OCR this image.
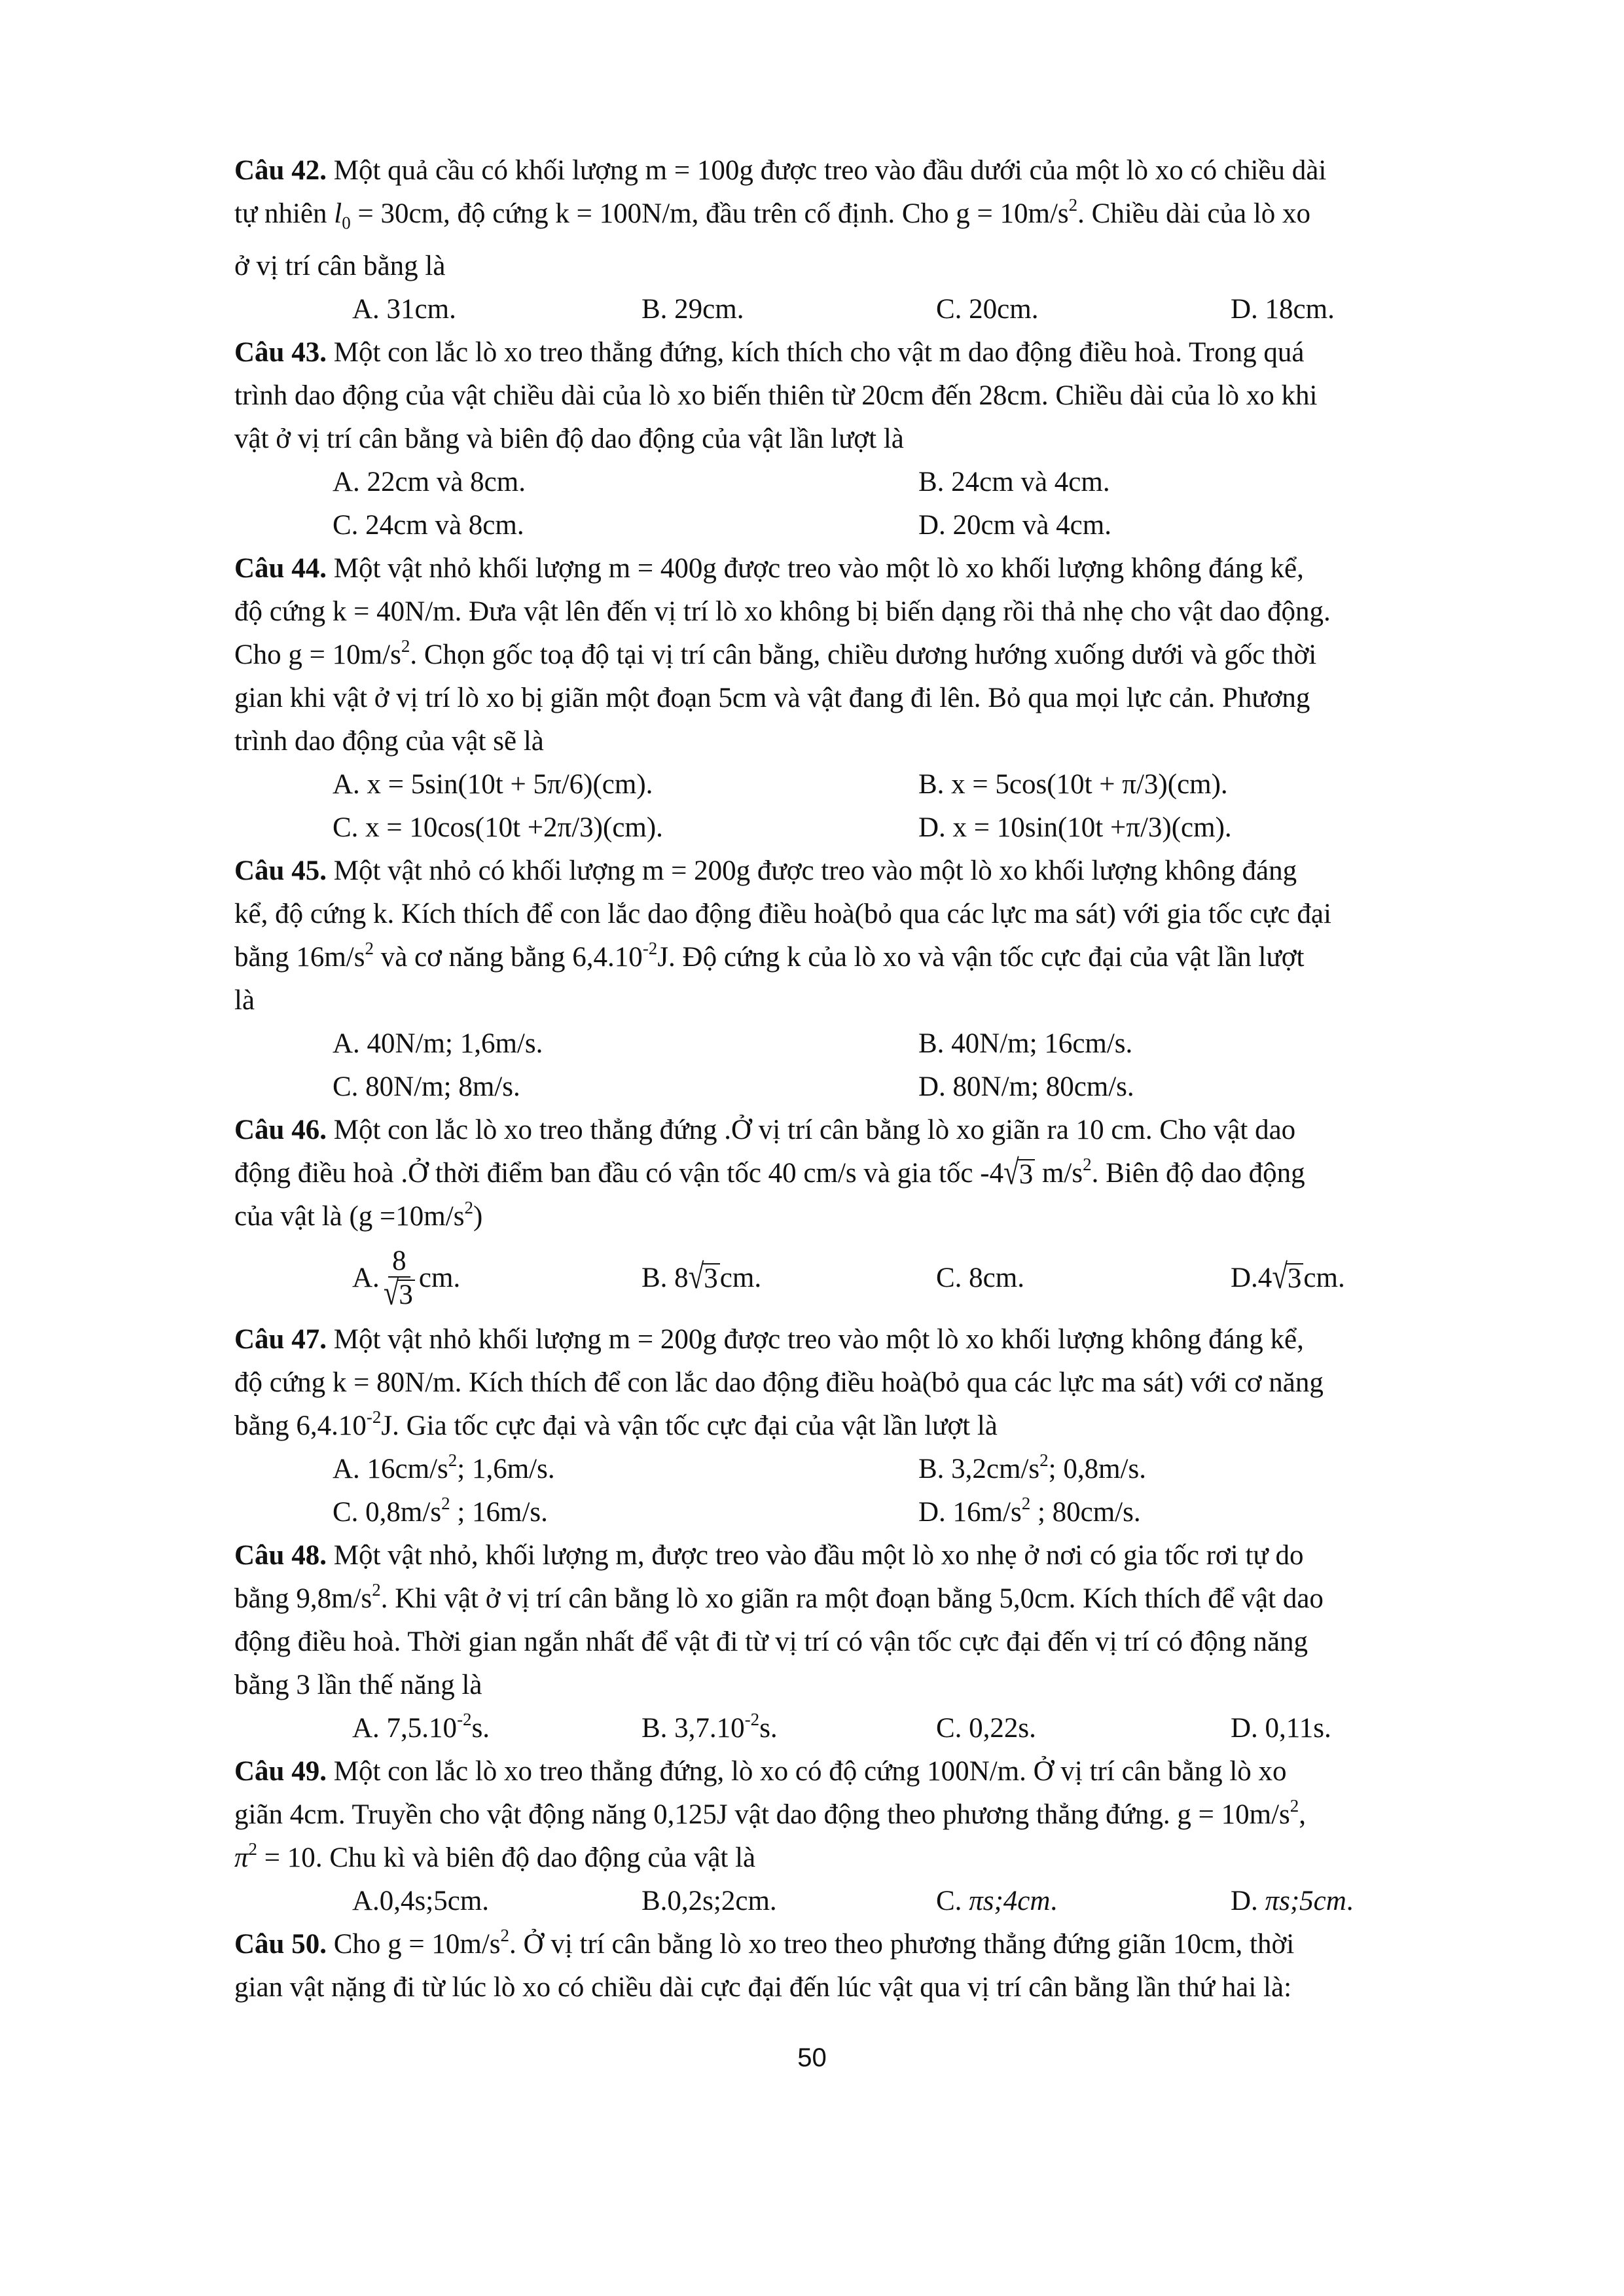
Câu 42. Một quả cầu có khối lượng m = 100g được treo vào đầu dưới của một lò xo có chiều dài
tự nhiên $l_0 = 30cm$, độ cứng k = 100N/m, đầu trên cố định. Cho $g = 10m/s^2$. Chiều dài của lò xo
ở vị trí cân bằng là
A. 31cm.	B. 29cm.	C. 20cm.	D. 18cm.
Câu 43. Một con lắc lò xo treo thẳng đứng, kích thích cho vật m dao động điều hoà. Trong quá
trình dao động của vật chiều dài của lò xo biến thiên từ 20cm đến 28cm. Chiều dài của lò xo khi
vật ở vị trí cân bằng và biên độ dao động của vật lần lượt là
A. 22cm và 8cm.	B. 24cm và 4cm.
C. 24cm và 8cm.	D. 20cm và 4cm.
Câu 44. Một vật nhỏ khối lượng m = 400g được treo vào một lò xo khối lượng không đáng kể,
độ cứng k = 40N/m. Đưa vật lên đến vị trí lò xo không bị biến dạng rồi thả nhẹ cho vật dao động.
Cho $g = 10m/s^2$. Chọn gốc toạ độ tại vị trí cân bằng, chiều dương hướng xuống dưới và gốc thời
gian khi vật ở vị trí lò xo bị giãn một đoạn 5cm và vật đang đi lên. Bỏ qua mọi lực cản. Phương
trình dao động của vật sẽ là
A. x = 5sin(10t + 5π/6)(cm).	B. x = 5cos(10t + π/3)(cm).
C. x = 10cos(10t +2π/3)(cm).	D. x = 10sin(10t +π/3)(cm).
Câu 45. Một vật nhỏ có khối lượng m = 200g được treo vào một lò xo khối lượng không đáng
kể, độ cứng k. Kích thích để con lắc dao động điều hoà(bỏ qua các lực ma sát) với gia tốc cực đại
bằng $16m/s^2$ và cơ năng bằng $6,4.10^{-2}J$. Độ cứng k của lò xo và vận tốc cực đại của vật lần lượt
là
A. 40N/m; 1,6m/s.	B. 40N/m; 16cm/s.
C. 80N/m; 8m/s.	D. 80N/m; 80cm/s.
Câu 46. Một con lắc lò xo treo thẳng đứng .Ở vị trí cân bằng lò xo giãn ra 10 cm. Cho vật dao
động điều hoà .Ở thời điểm ban đầu có vận tốc 40 cm/s và gia tốc -4 √ 3 $m/s^2$. Biên độ dao động
của vật là $(g =10m/s^2)$
A. $\frac{8}{√ 3}$ cm.	B. 8 √ 3 cm.	C. 8cm.	D.4 √ 3 cm.
Câu 47. Một vật nhỏ khối lượng m = 200g được treo vào một lò xo khối lượng không đáng kể,
độ cứng k = 80N/m. Kích thích để con lắc dao động điều hoà(bỏ qua các lực ma sát) với cơ năng
bằng $6,4.10^{-2}J$. Gia tốc cực đại và vận tốc cực đại của vật lần lượt là
A. $16cm/s^2$; 1,6m/s.	B. $3,2cm/s^2$; 0,8m/s.
C. $0,8m/s^2$ ; 16m/s.	D. $16m/s^2$ ; 80cm/s.
Câu 48. Một vật nhỏ, khối lượng m, được treo vào đầu một lò xo nhẹ ở nơi có gia tốc rơi tự do
bằng $9,8m/s^2$. Khi vật ở vị trí cân bằng lò xo giãn ra một đoạn bằng 5,0cm. Kích thích để vật dao
động điều hoà. Thời gian ngắn nhất để vật đi từ vị trí có vận tốc cực đại đến vị trí có động năng
bằng 3 lần thế năng là
A. $7,5.10^{-2}s$.	B. $3,7.10^{-2}s$.	C. 0,22s.	D. 0,11s.
Câu 49. Một con lắc lò xo treo thẳng đứng, lò xo có độ cứng 100N/m. Ở vị trí cân bằng lò xo
giãn 4cm. Truyền cho vật động năng 0,125J vật dao động theo phương thẳng đứng. $g = 10m/s^2$,
$\pi^2 = 10$. Chu kì và biên độ dao động của vật là
A.0,4s;5cm.	B.0,2s;2cm.	C. πs;4cm.	D. πs;5cm.
Câu 50. Cho $g = 10m/s^2$. Ở vị trí cân bằng lò xo treo theo phương thẳng đứng giãn 10cm, thời
gian vật nặng đi từ lúc lò xo có chiều dài cực đại đến lúc vật qua vị trí cân bằng lần thứ hai là:
50
